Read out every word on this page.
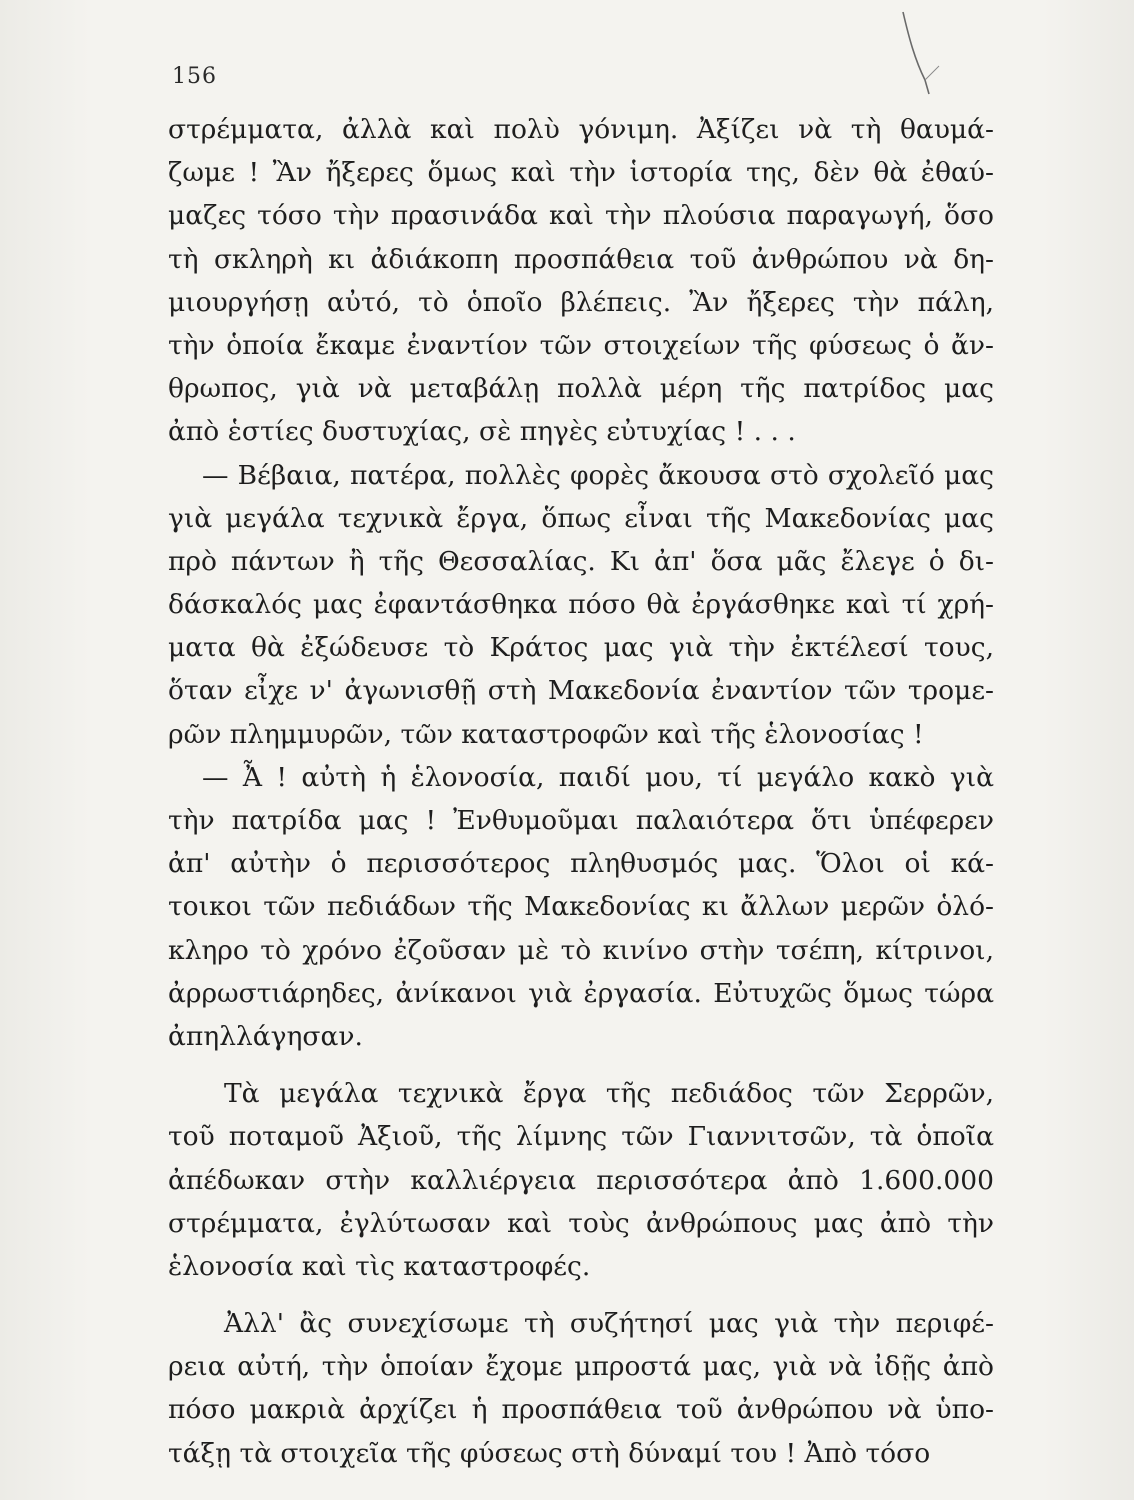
156
στρέμματα, ἀλλὰ καὶ πολὺ γόνιμη. Ἀξίζει νὰ τὴ θαυμά-
ζωμε ! Ἂν ἤξερες ὅμως καὶ τὴν ἱστορία της, δὲν θὰ ἐθαύ-
μαζες τόσο τὴν πρασινάδα καὶ τὴν πλούσια παραγωγή, ὅσο
τὴ σκληρὴ κι ἀδιάκοπη προσπάθεια τοῦ ἀνθρώπου νὰ δη-
μιουργήσῃ αὐτό, τὸ ὁποῖο βλέπεις. Ἂν ἤξερες τὴν πάλη,
τὴν ὁποία ἔκαμε ἐναντίον τῶν στοιχείων τῆς φύσεως ὁ ἄν-
θρωπος, γιὰ νὰ μεταβάλῃ πολλὰ μέρη τῆς πατρίδος μας
ἀπὸ ἑστίες δυστυχίας, σὲ πηγὲς εὐτυχίας ! . . .
— Βέβαια, πατέρα, πολλὲς φορὲς ἄκουσα στὸ σχολεῖό μας
γιὰ μεγάλα τεχνικὰ ἔργα, ὅπως εἶναι τῆς Μακεδονίας μας
πρὸ πάντων ἢ τῆς Θεσσαλίας. Κι ἀπ' ὅσα μᾶς ἔλεγε ὁ δι-
δάσκαλός μας ἐφαντάσθηκα πόσο θὰ ἐργάσθηκε καὶ τί χρή-
ματα θὰ ἐξώδευσε τὸ Κράτος μας γιὰ τὴν ἐκτέλεσί τους,
ὅταν εἶχε ν' ἀγωνισθῇ στὴ Μακεδονία ἐναντίον τῶν τρομε-
ρῶν πλημμυρῶν, τῶν καταστροφῶν καὶ τῆς ἑλονοσίας !
— Ἆ ! αὐτὴ ἡ ἑλονοσία, παιδί μου, τί μεγάλο κακὸ γιὰ
τὴν πατρίδα μας ! Ἐνθυμοῦμαι παλαιότερα ὅτι ὑπέφερεν
ἀπ' αὐτὴν ὁ περισσότερος πληθυσμός μας. Ὅλοι οἱ κά-
τοικοι τῶν πεδιάδων τῆς Μακεδονίας κι ἄλλων μερῶν ὁλό-
κληρο τὸ χρόνο ἐζοῦσαν μὲ τὸ κινίνο στὴν τσέπη, κίτρινοι,
ἀρρωστιάρηδες, ἀνίκανοι γιὰ ἐργασία. Εὐτυχῶς ὅμως τώρα
ἀπηλλάγησαν.
Τὰ μεγάλα τεχνικὰ ἔργα τῆς πεδιάδος τῶν Σερρῶν,
τοῦ ποταμοῦ Ἀξιοῦ, τῆς λίμνης τῶν Γιαννιτσῶν, τὰ ὁποῖα
ἀπέδωκαν στὴν καλλιέργεια περισσότερα ἀπὸ 1.600.000
στρέμματα, ἐγλύτωσαν καὶ τοὺς ἀνθρώπους μας ἀπὸ τὴν
ἑλονοσία καὶ τὶς καταστροφές.
Ἀλλ' ἂς συνεχίσωμε τὴ συζήτησί μας γιὰ τὴν περιφέ-
ρεια αὐτή, τὴν ὁποίαν ἔχομε μπροστά μας, γιὰ νὰ ἰδῇς ἀπὸ
πόσο μακριὰ ἀρχίζει ἡ προσπάθεια τοῦ ἀνθρώπου νὰ ὑπο-
τάξῃ τὰ στοιχεῖα τῆς φύσεως στὴ δύναμί του ! Ἀπὸ τόσο
